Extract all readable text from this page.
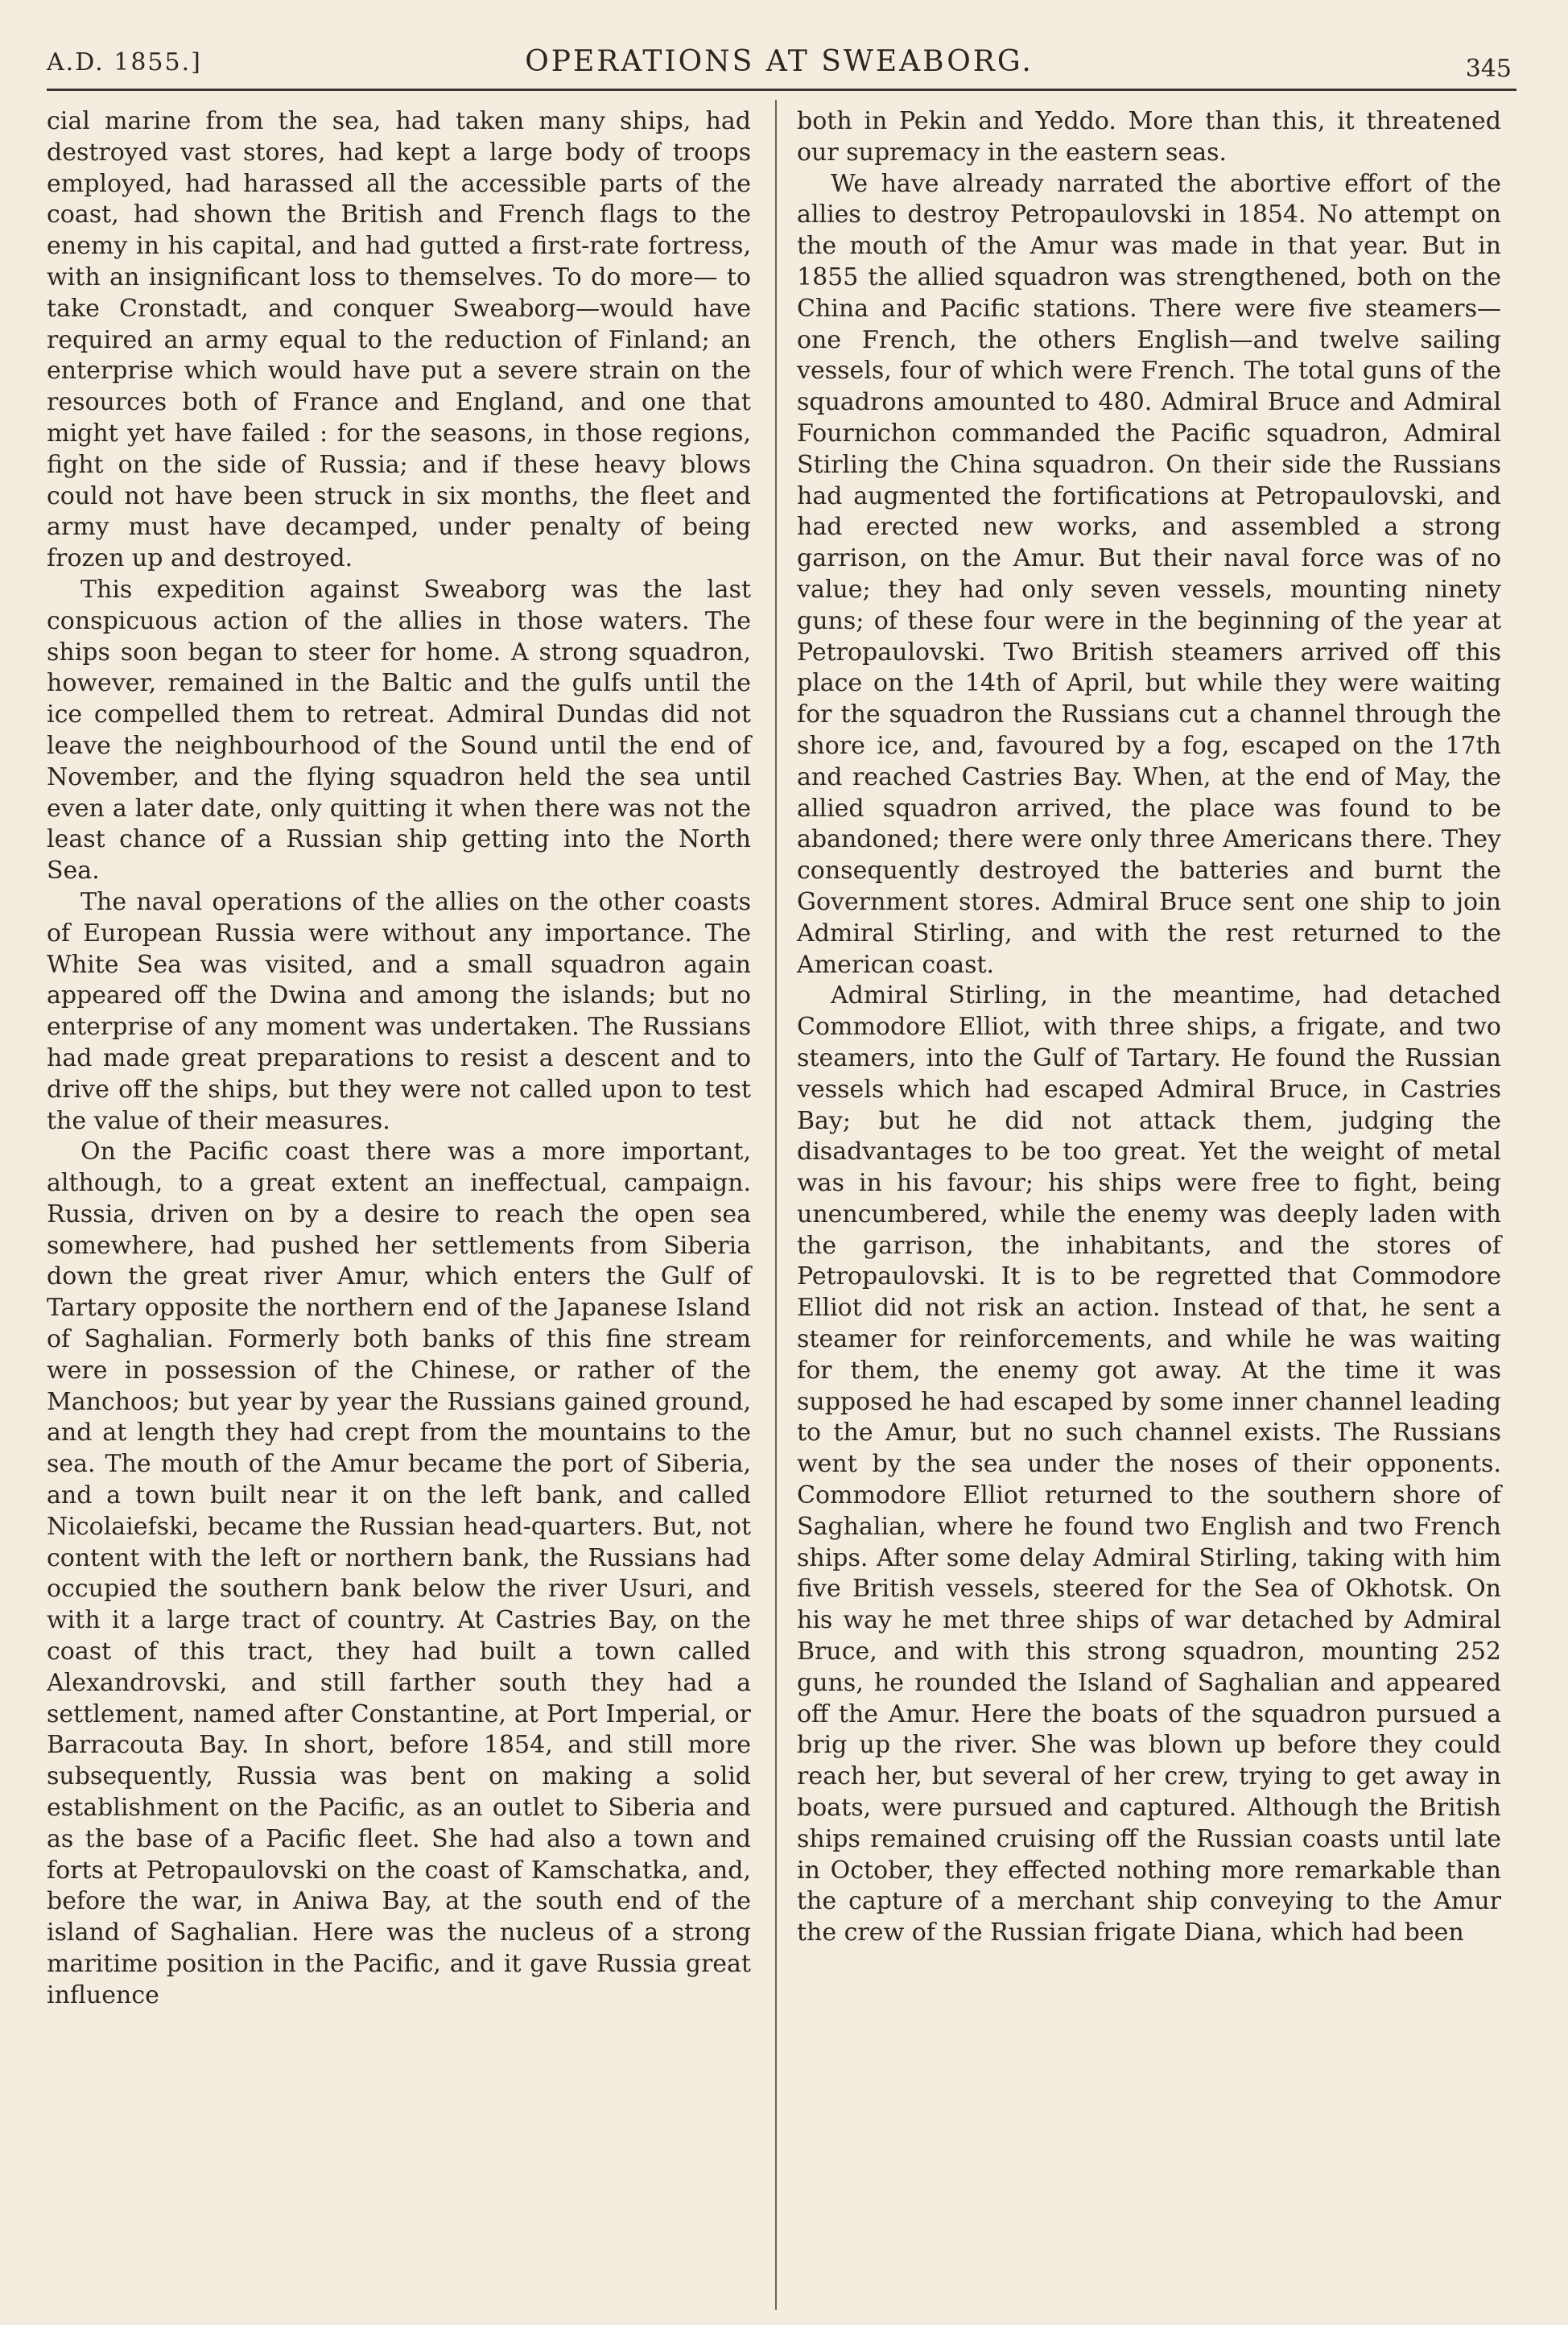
A.D. 1855.]	OPERATIONS AT SWEABORG.	345

cial marine from the sea, had taken many ships, had destroyed vast stores, had kept a large body of troops employed, had harassed all the accessible parts of the coast, had shown the British and French flags to the enemy in his capital, and had gutted a first-rate fortress, with an insignificant loss to themselves. To do more— to take Cronstadt, and conquer Sweaborg—would have required an army equal to the reduction of Finland; an enterprise which would have put a severe strain on the resources both of France and England, and one that might yet have failed : for the seasons, in those regions, fight on the side of Russia; and if these heavy blows could not have been struck in six months, the fleet and army must have decamped, under penalty of being frozen up and destroyed.

This expedition against Sweaborg was the last conspicuous action of the allies in those waters. The ships soon began to steer for home. A strong squadron, however, remained in the Baltic and the gulfs until the ice compelled them to retreat. Admiral Dundas did not leave the neighbourhood of the Sound until the end of November, and the flying squadron held the sea until even a later date, only quitting it when there was not the least chance of a Russian ship getting into the North Sea.

The naval operations of the allies on the other coasts of European Russia were without any importance. The White Sea was visited, and a small squadron again appeared off the Dwina and among the islands; but no enterprise of any moment was undertaken. The Russians had made great preparations to resist a descent and to drive off the ships, but they were not called upon to test the value of their measures.

On the Pacific coast there was a more important, although, to a great extent an ineffectual, campaign. Russia, driven on by a desire to reach the open sea somewhere, had pushed her settlements from Siberia down the great river Amur, which enters the Gulf of Tartary opposite the northern end of the Japanese Island of Saghalian. Formerly both banks of this fine stream were in possession of the Chinese, or rather of the Manchoos; but year by year the Russians gained ground, and at length they had crept from the mountains to the sea. The mouth of the Amur became the port of Siberia, and a town built near it on the left bank, and called Nicolaiefski, became the Russian head-quarters. But, not content with the left or northern bank, the Russians had occupied the southern bank below the river Usuri, and with it a large tract of country. At Castries Bay, on the coast of this tract, they had built a town called Alexandrovski, and still farther south they had a settlement, named after Constantine, at Port Imperial, or Barracouta Bay. In short, before 1854, and still more subsequently, Russia was bent on making a solid establishment on the Pacific, as an outlet to Siberia and as the base of a Pacific fleet. She had also a town and forts at Petropaulovski on the coast of Kamschatka, and, before the war, in Aniwa Bay, at the south end of the island of Saghalian. Here was the nucleus of a strong maritime position in the Pacific, and it gave Russia great influence

both in Pekin and Yeddo. More than this, it threatened our supremacy in the eastern seas.

We have already narrated the abortive effort of the allies to destroy Petropaulovski in 1854. No attempt on the mouth of the Amur was made in that year. But in 1855 the allied squadron was strengthened, both on the China and Pacific stations. There were five steamers— one French, the others English—and twelve sailing vessels, four of which were French. The total guns of the squadrons amounted to 480. Admiral Bruce and Admiral Fournichon commanded the Pacific squadron, Admiral Stirling the China squadron. On their side the Russians had augmented the fortifications at Petropaulovski, and had erected new works, and assembled a strong garrison, on the Amur. But their naval force was of no value; they had only seven vessels, mounting ninety guns; of these four were in the beginning of the year at Petropaulovski. Two British steamers arrived off this place on the 14th of April, but while they were waiting for the squadron the Russians cut a channel through the shore ice, and, favoured by a fog, escaped on the 17th and reached Castries Bay. When, at the end of May, the allied squadron arrived, the place was found to be abandoned; there were only three Americans there. They consequently destroyed the batteries and burnt the Government stores. Admiral Bruce sent one ship to join Admiral Stirling, and with the rest returned to the American coast.

Admiral Stirling, in the meantime, had detached Commodore Elliot, with three ships, a frigate, and two steamers, into the Gulf of Tartary. He found the Russian vessels which had escaped Admiral Bruce, in Castries Bay; but he did not attack them, judging the disadvantages to be too great. Yet the weight of metal was in his favour; his ships were free to fight, being unencumbered, while the enemy was deeply laden with the garrison, the inhabitants, and the stores of Petropaulovski. It is to be regretted that Commodore Elliot did not risk an action. Instead of that, he sent a steamer for reinforcements, and while he was waiting for them, the enemy got away. At the time it was supposed he had escaped by some inner channel leading to the Amur, but no such channel exists. The Russians went by the sea under the noses of their opponents. Commodore Elliot returned to the southern shore of Saghalian, where he found two English and two French ships. After some delay Admiral Stirling, taking with him five British vessels, steered for the Sea of Okhotsk. On his way he met three ships of war detached by Admiral Bruce, and with this strong squadron, mounting 252 guns, he rounded the Island of Saghalian and appeared off the Amur. Here the boats of the squadron pursued a brig up the river. She was blown up before they could reach her, but several of her crew, trying to get away in boats, were pursued and captured. Although the British ships remained cruising off the Russian coasts until late in October, they effected nothing more remarkable than the capture of a merchant ship conveying to the Amur the crew of the Russian frigate Diana, which had been
